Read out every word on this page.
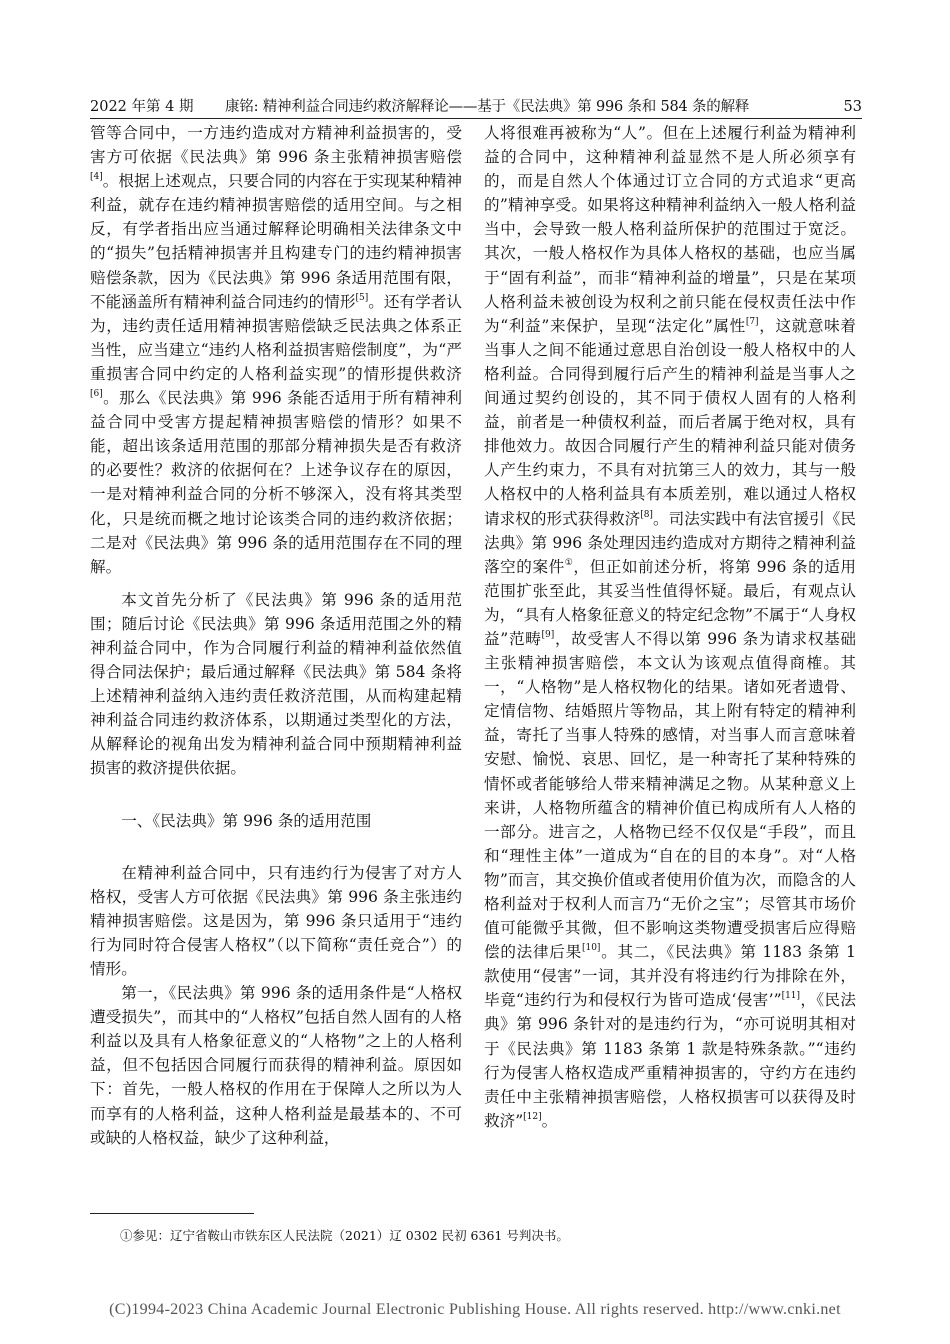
2022 年第 4 期 康铭: 精神利益合同违约救济解释论——基于《民法典》第 996 条和 584 条的解释	53

管等合同中，一方违约造成对方精神利益损害的，受害方可依据《民法典》第 996 条主张精神损害赔偿[4]。根据上述观点，只要合同的内容在于实现某种精神利益，就存在违约精神损害赔偿的适用空间。与之相反，有学者指出应当通过解释论明确相关法律条文中的“损失”包括精神损害并且构建专门的违约精神损害赔偿条款，因为《民法典》第 996 条适用范围有限，不能涵盖所有精神利益合同违约的情形[5]。还有学者认为，违约责任适用精神损害赔偿缺乏民法典之体系正当性，应当建立“违约人格利益损害赔偿制度”，为“严重损害合同中约定的人格利益实现”的情形提供救济[6]。那么《民法典》第 996 条能否适用于所有精神利益合同中受害方提起精神损害赔偿的情形？如果不能，超出该条适用范围的那部分精神损失是否有救济的必要性？救济的依据何在？上述争议存在的原因，一是对精神利益合同的分析不够深入，没有将其类型化，只是统而概之地讨论该类合同的违约救济依据；二是对《民法典》第 996 条的适用范围存在不同的理解。

本文首先分析了《民法典》第 996 条的适用范围；随后讨论《民法典》第 996 条适用范围之外的精神利益合同中，作为合同履行利益的精神利益依然值得合同法保护；最后通过解释《民法典》第 584 条将上述精神利益纳入违约责任救济范围，从而构建起精神利益合同违约救济体系，以期通过类型化的方法，从解释论的视角出发为精神利益合同中预期精神利益损害的救济提供依据。

一、《民法典》第 996 条的适用范围

在精神利益合同中，只有违约行为侵害了对方人格权，受害人方可依据《民法典》第 996 条主张违约精神损害赔偿。这是因为，第 996 条只适用于“违约行为同时符合侵害人格权”（以下简称“责任竞合”）的情形。

第一，《民法典》第 996 条的适用条件是“人格权遭受损失”，而其中的“人格权”包括自然人固有的人格利益以及具有人格象征意义的“人格物”之上的人格利益，但不包括因合同履行而获得的精神利益。原因如下：首先，一般人格权的作用在于保障人之所以为人而享有的人格利益，这种人格利益是最基本的、不可或缺的人格权益，缺少了这种利益，

人将很难再被称为“人”。但在上述履行利益为精神利益的合同中，这种精神利益显然不是人所必须享有的，而是自然人个体通过订立合同的方式追求“更高的”精神享受。如果将这种精神利益纳入一般人格利益当中，会导致一般人格利益所保护的范围过于宽泛。其次，一般人格权作为具体人格权的基础，也应当属于“固有利益”，而非“精神利益的增量”，只是在某项人格利益未被创设为权利之前只能在侵权责任法中作为“利益”来保护，呈现“法定化”属性[7]，这就意味着当事人之间不能通过意思自治创设一般人格权中的人格利益。合同得到履行后产生的精神利益是当事人之间通过契约创设的，其不同于债权人固有的人格利益，前者是一种债权利益，而后者属于绝对权，具有排他效力。故因合同履行产生的精神利益只能对债务人产生约束力，不具有对抗第三人的效力，其与一般人格权中的人格利益具有本质差别，难以通过人格权请求权的形式获得救济[8]。司法实践中有法官援引《民法典》第 996 条处理因违约造成对方期待之精神利益落空的案件①，但正如前述分析，将第 996 条的适用范围扩张至此，其妥当性值得怀疑。最后，有观点认为，“具有人格象征意义的特定纪念物”不属于“人身权益”范畴[9]，故受害人不得以第 996 条为请求权基础主张精神损害赔偿，本文认为该观点值得商榷。其一，“人格物”是人格权物化的结果。诸如死者遗骨、定情信物、结婚照片等物品，其上附有特定的精神利益，寄托了当事人特殊的感情，对当事人而言意味着安慰、愉悦、哀思、回忆，是一种寄托了某种特殊的情怀或者能够给人带来精神满足之物。从某种意义上来讲，人格物所蕴含的精神价值已构成所有人人格的一部分。进言之，人格物已经不仅仅是“手段”，而且和“理性主体”一道成为“自在的目的本身”。对“人格物”而言，其交换价值或者使用价值为次，而隐含的人格利益对于权利人而言乃“无价之宝”；尽管其市场价值可能微乎其微，但不影响这类物遭受损害后应得赔偿的法律后果[10]。其二，《民法典》第 1183 条第 1 款使用“侵害”一词，其并没有将违约行为排除在外，毕竟“违约行为和侵权行为皆可造成‘侵害’”[11]，《民法典》第 996 条针对的是违约行为，“亦可说明其相对于《民法典》第 1183 条第 1 款是特殊条款。”“违约行为侵害人格权造成严重精神损害的，守约方在违约责任中主张精神损害赔偿，人格权损害可以获得及时救济”[12]。

①参见：辽宁省鞍山市铁东区人民法院（2021）辽 0302 民初 6361 号判决书。
(C)1994-2023 China Academic Journal Electronic Publishing House. All rights reserved. http://www.cnki.net
